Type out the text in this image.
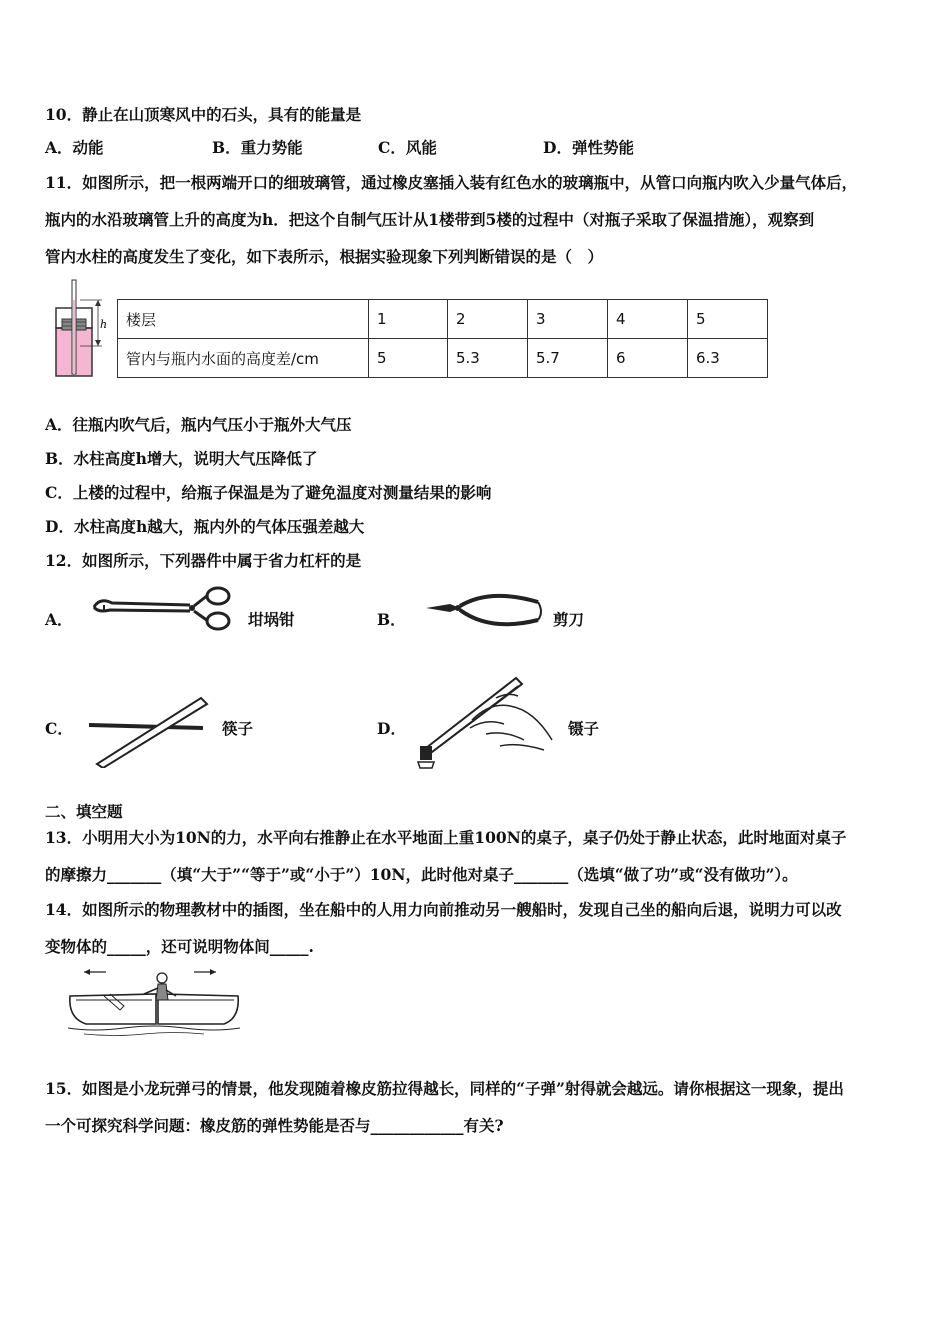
10．静止在山顶寒风中的石头，具有的能量是
A．动能	B．重力势能	C．风能	D．弹性势能
11．如图所示，把一根两端开口的细玻璃管，通过橡皮塞插入装有红色水的玻璃瓶中，从管口向瓶内吹入少量气体后，
瓶内的水沿玻璃管上升的高度为h．把这个自制气压计从1楼带到5楼的过程中（对瓶子采取了保温措施），观察到
管内水柱的高度发生了变化，如下表所示，根据实验现象下列判断错误的是（　）
h 楼层	1	2	3	4	5
管内与瓶内水面的高度差/cm	5	5.3	5.7	6	6.3
A．往瓶内吹气后，瓶内气压小于瓶外大气压
B．水柱高度h增大，说明大气压降低了
C．上楼的过程中，给瓶子保温是为了避免温度对测量结果的影响
D．水柱高度h越大，瓶内外的气体压强差越大
12．如图所示，下列器件中属于省力杠杆的是
A．	坩埚钳	B．	剪刀
C．	筷子	D．	镊子
二、填空题
13．小明用大小为10N的力，水平向右推静止在水平地面上重100N的桌子，桌子仍处于静止状态，此时地面对桌子
的摩擦力_______（填“大于”“等于”或“小于”）10N，此时他对桌子_______（选填“做了功”或“没有做功”）。
14．如图所示的物理教材中的插图，坐在船中的人用力向前推动另一艘船时，发现自己坐的船向后退，说明力可以改
变物体的_____，还可说明物体间_____.
15．如图是小龙玩弹弓的情景，他发现随着橡皮筋拉得越长，同样的“子弹”射得就会越远。请你根据这一现象，提出
一个可探究科学问题：橡皮筋的弹性势能是否与____________有关?
